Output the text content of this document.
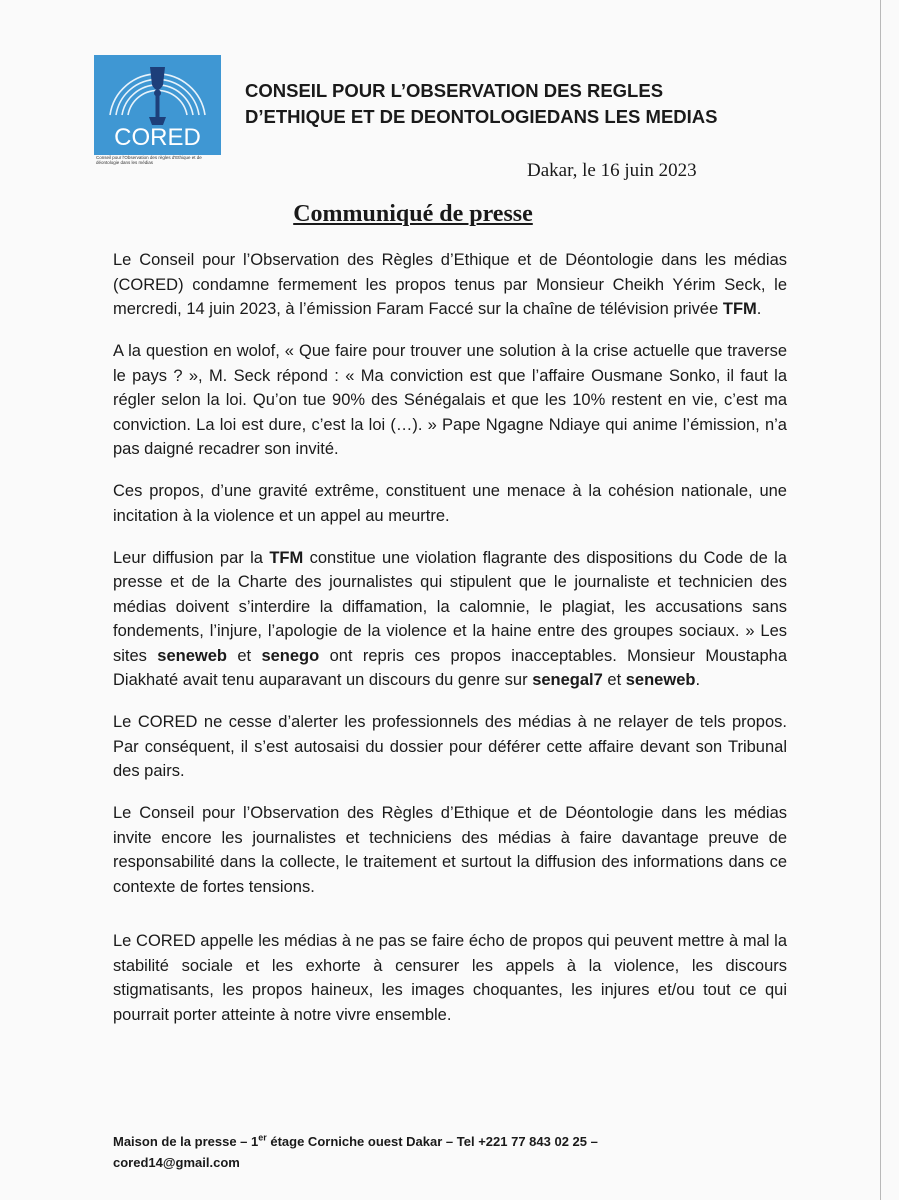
CORED
Conseil pour l'Observation des règles d'Ethique et de déontologie dans les médias
CONSEIL POUR L’OBSERVATION DES REGLES
D’ETHIQUE ET DE DEONTOLOGIEDANS LES MEDIAS

Dakar, le 16 juin 2023

Communiqué de presse

Le Conseil pour l’Observation des Règles d’Ethique et de Déontologie dans les médias (CORED) condamne fermement les propos tenus par Monsieur Cheikh Yérim Seck, le mercredi, 14 juin 2023, à l’émission Faram Faccé sur la chaîne de télévision privée TFM.

A la question en wolof, « Que faire pour trouver une solution à la crise actuelle que traverse le pays ? », M. Seck répond : « Ma conviction est que l’affaire Ousmane Sonko, il faut la régler selon la loi. Qu’on tue 90% des Sénégalais et que les 10% restent en vie, c’est ma conviction. La loi est dure, c’est la loi (…). » Pape Ngagne Ndiaye qui anime l’émission, n’a pas daigné recadrer son invité.

Ces propos, d’une gravité extrême, constituent une menace à la cohésion nationale, une incitation à la violence et un appel au meurtre.

Leur diffusion par la TFM constitue une violation flagrante des dispositions du Code de la presse et de la Charte des journalistes qui stipulent que le journaliste et technicien des médias doivent s’interdire la diffamation, la calomnie, le plagiat, les accusations sans fondements, l’injure, l’apologie de la violence et la haine entre des groupes sociaux. » Les sites seneweb et senego ont repris ces propos inacceptables. Monsieur Moustapha Diakhaté avait tenu auparavant un discours du genre sur senegal7 et seneweb.

Le CORED ne cesse d’alerter les professionnels des médias à ne relayer de tels propos. Par conséquent, il s’est autosaisi du dossier pour déférer cette affaire devant son Tribunal des pairs.

Le Conseil pour l’Observation des Règles d’Ethique et de Déontologie dans les médias invite encore les journalistes et techniciens des médias à faire davantage preuve de responsabilité dans la collecte, le traitement et surtout la diffusion des informations dans ce contexte de fortes tensions.

Le CORED appelle les médias à ne pas se faire écho de propos qui peuvent mettre à mal la stabilité sociale et les exhorte à censurer les appels à la violence, les discours stigmatisants, les propos haineux, les images choquantes, les injures et/ou tout ce qui pourrait porter atteinte à notre vivre ensemble.

Maison de la presse – 1er étage Corniche ouest Dakar – Tel +221 77 843 02 25 –
cored14@gmail.com
